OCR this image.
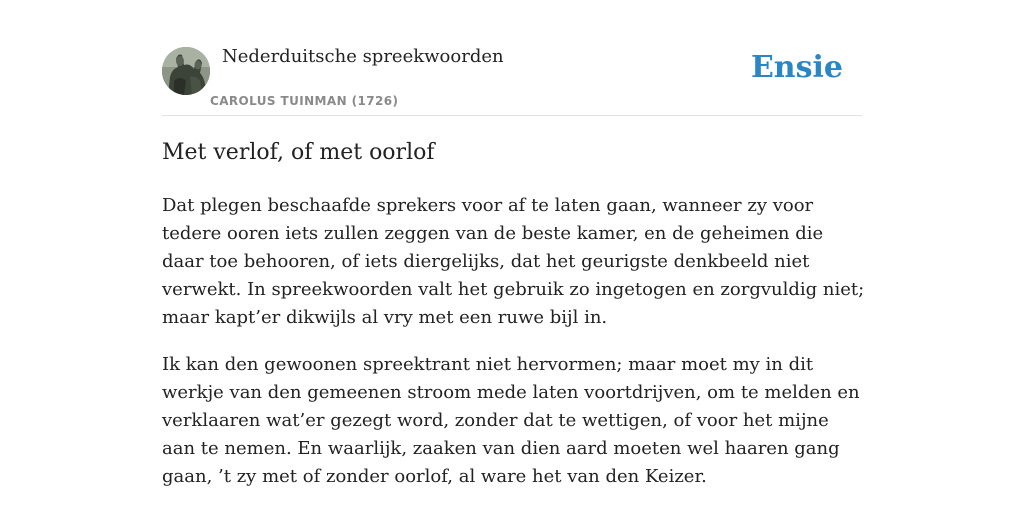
Nederduitsche spreekwoorden
CAROLUS TUINMAN (1726)
Ensie
Met verlof, of met oorlof

Dat plegen beschaafde sprekers voor af te laten gaan, wanneer zy voor tedere ooren iets zullen zeggen van de beste kamer, en de geheimen die daar toe behooren, of iets diergelijks, dat het geurigste denkbeeld niet verwekt. In spreekwoorden valt het gebruik zo ingetogen en zorgvuldig niet; maar kapt’er dikwijls al vry met een ruwe bijl in.

Ik kan den gewoonen spreektrant niet hervormen; maar moet my in dit werkje van den gemeenen stroom mede laten voortdrijven, om te melden en verklaaren wat’er gezegt word, zonder dat te wettigen, of voor het mijne aan te nemen. En waarlijk, zaaken van dien aard moeten wel haaren gang gaan, ’t zy met of zonder oorlof, al ware het van den Keizer.
